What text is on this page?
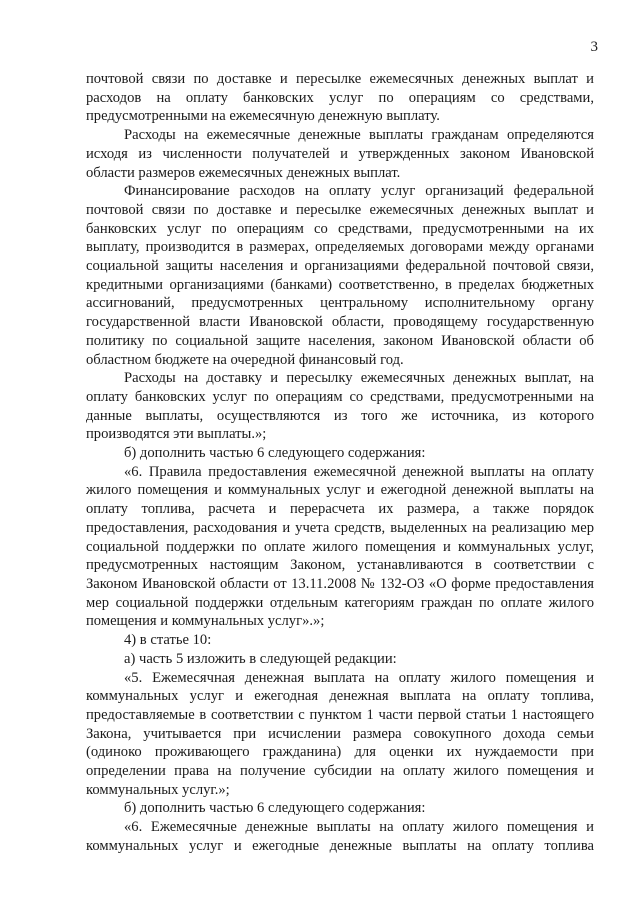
3

почтовой связи по доставке и пересылке ежемесячных денежных выплат и расходов на оплату банковских услуг по операциям со средствами, предусмотренными на ежемесячную денежную выплату.

Расходы на ежемесячные денежные выплаты гражданам определяются исходя из численности получателей и утвержденных законом Ивановской области размеров ежемесячных денежных выплат.

Финансирование расходов на оплату услуг организаций федеральной почтовой связи по доставке и пересылке ежемесячных денежных выплат и банковских услуг по операциям со средствами, предусмотренными на их выплату, производится в размерах, определяемых договорами между органами социальной защиты населения и организациями федеральной почтовой связи, кредитными организациями (банками) соответственно, в пределах бюджетных ассигнований, предусмотренных центральному исполнительному органу государственной власти Ивановской области, проводящему государственную политику по социальной защите населения, законом Ивановской области об областном бюджете на очередной финансовый год.

Расходы на доставку и пересылку ежемесячных денежных выплат, на оплату банковских услуг по операциям со средствами, предусмотренными на данные выплаты, осуществляются из того же источника, из которого производятся эти выплаты.»;

б) дополнить частью 6 следующего содержания:

«6. Правила предоставления ежемесячной денежной выплаты на оплату жилого помещения и коммунальных услуг и ежегодной денежной выплаты на оплату топлива, расчета и перерасчета их размера, а также порядок предоставления, расходования и учета средств, выделенных на реализацию мер социальной поддержки по оплате жилого помещения и коммунальных услуг, предусмотренных настоящим Законом, устанавливаются в соответствии с Законом Ивановской области от 13.11.2008 № 132-ОЗ «О форме предоставления мер социальной поддержки отдельным категориям граждан по оплате жилого помещения и коммунальных услуг».»;

4) в статье 10:

а) часть 5 изложить в следующей редакции:

«5. Ежемесячная денежная выплата на оплату жилого помещения и коммунальных услуг и ежегодная денежная выплата на оплату топлива, предоставляемые в соответствии с пунктом 1 части первой статьи 1 настоящего Закона, учитывается при исчислении размера совокупного дохода семьи (одиноко проживающего гражданина) для оценки их нуждаемости при определении права на получение субсидии на оплату жилого помещения и коммунальных услуг.»;

б) дополнить частью 6 следующего содержания:

«6. Ежемесячные денежные выплаты на оплату жилого помещения и коммунальных услуг и ежегодные денежные выплаты на оплату топлива
